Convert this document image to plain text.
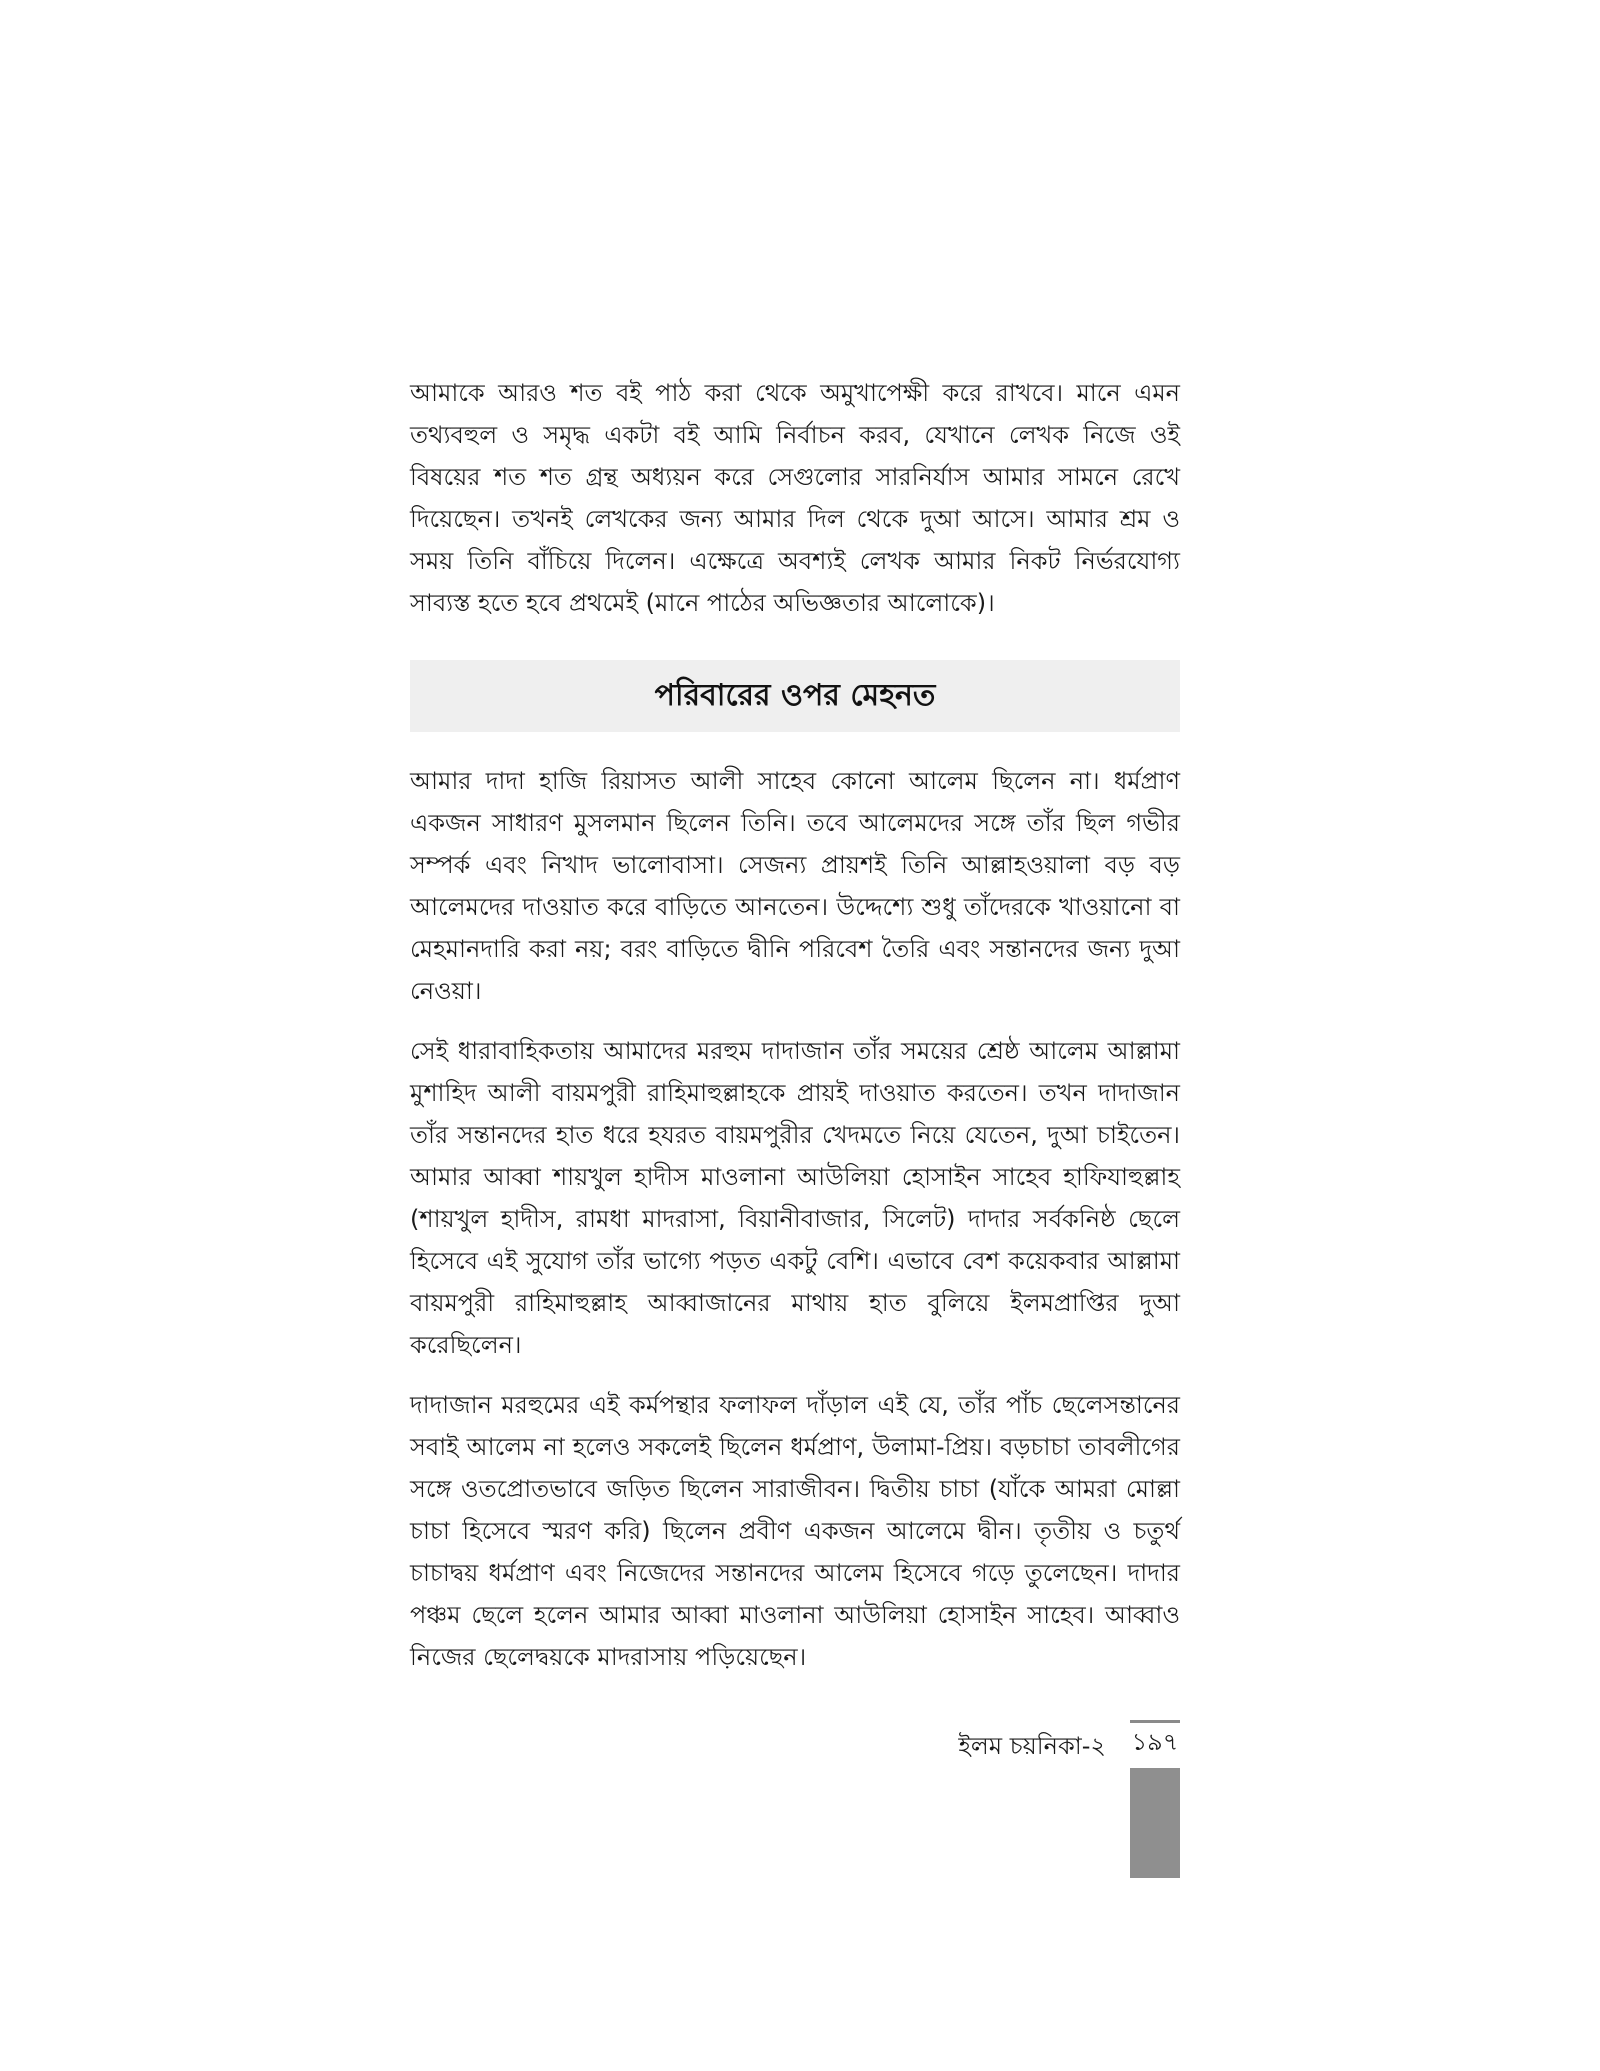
আমাকে আরও শত বই পাঠ করা থেকে অমুখাপেক্ষী করে রাখবে। মানে এমন তথ্যবহুল ও সমৃদ্ধ একটা বই আমি নির্বাচন করব, যেখানে লেখক নিজে ওই বিষয়ের শত শত গ্রন্থ অধ্যয়ন করে সেগুলোর সারনির্যাস আমার সামনে রেখে দিয়েছেন। তখনই লেখকের জন্য আমার দিল থেকে দুআ আসে। আমার শ্রম ও সময় তিনি বাঁচিয়ে দিলেন। এক্ষেত্রে অবশ্যই লেখক আমার নিকট নির্ভরযোগ্য সাব্যস্ত হতে হবে প্রথমেই (মানে পাঠের অভিজ্ঞতার আলোকে)।

পরিবারের ওপর মেহনত

আমার দাদা হাজি রিয়াসত আলী সাহেব কোনো আলেম ছিলেন না। ধর্মপ্রাণ একজন সাধারণ মুসলমান ছিলেন তিনি। তবে আলেমদের সঙ্গে তাঁর ছিল গভীর সম্পর্ক এবং নিখাদ ভালোবাসা। সেজন্য প্রায়শই তিনি আল্লাহওয়ালা বড় বড় আলেমদের দাওয়াত করে বাড়িতে আনতেন। উদ্দেশ্যে শুধু তাঁদেরকে খাওয়ানো বা মেহমানদারি করা নয়; বরং বাড়িতে দ্বীনি পরিবেশ তৈরি এবং সন্তানদের জন্য দুআ নেওয়া।

সেই ধারাবাহিকতায় আমাদের মরহুম দাদাজান তাঁর সময়ের শ্রেষ্ঠ আলেম আল্লামা মুশাহিদ আলী বায়মপুরী রাহিমাহুল্লাহকে প্রায়ই দাওয়াত করতেন। তখন দাদাজান তাঁর সন্তানদের হাত ধরে হযরত বায়মপুরীর খেদমতে নিয়ে যেতেন, দুআ চাইতেন। আমার আব্বা শায়খুল হাদীস মাওলানা আউলিয়া হোসাইন সাহেব হাফিযাহুল্লাহ (শায়খুল হাদীস, রামধা মাদরাসা, বিয়ানীবাজার, সিলেট) দাদার সর্বকনিষ্ঠ ছেলে হিসেবে এই সুযোগ তাঁর ভাগ্যে পড়ত একটু বেশি। এভাবে বেশ কয়েকবার আল্লামা বায়মপুরী রাহিমাহুল্লাহ আব্বাজানের মাথায় হাত বুলিয়ে ইলমপ্রাপ্তির দুআ করেছিলেন।

দাদাজান মরহুমের এই কর্মপন্থার ফলাফল দাঁড়াল এই যে, তাঁর পাঁচ ছেলেসন্তানের সবাই আলেম না হলেও সকলেই ছিলেন ধর্মপ্রাণ, উলামা-প্রিয়। বড়চাচা তাবলীগের সঙ্গে ওতপ্রোতভাবে জড়িত ছিলেন সারাজীবন। দ্বিতীয় চাচা (যাঁকে আমরা মোল্লা চাচা হিসেবে স্মরণ করি) ছিলেন প্রবীণ একজন আলেমে দ্বীন। তৃতীয় ও চতুর্থ চাচাদ্বয় ধর্মপ্রাণ এবং নিজেদের সন্তানদের আলেম হিসেবে গড়ে তুলেছেন। দাদার পঞ্চম ছেলে হলেন আমার আব্বা মাওলানা আউলিয়া হোসাইন সাহেব। আব্বাও নিজের ছেলেদ্বয়কে মাদরাসায় পড়িয়েছেন।

ইলম চয়নিকা-২ ১৯৭
